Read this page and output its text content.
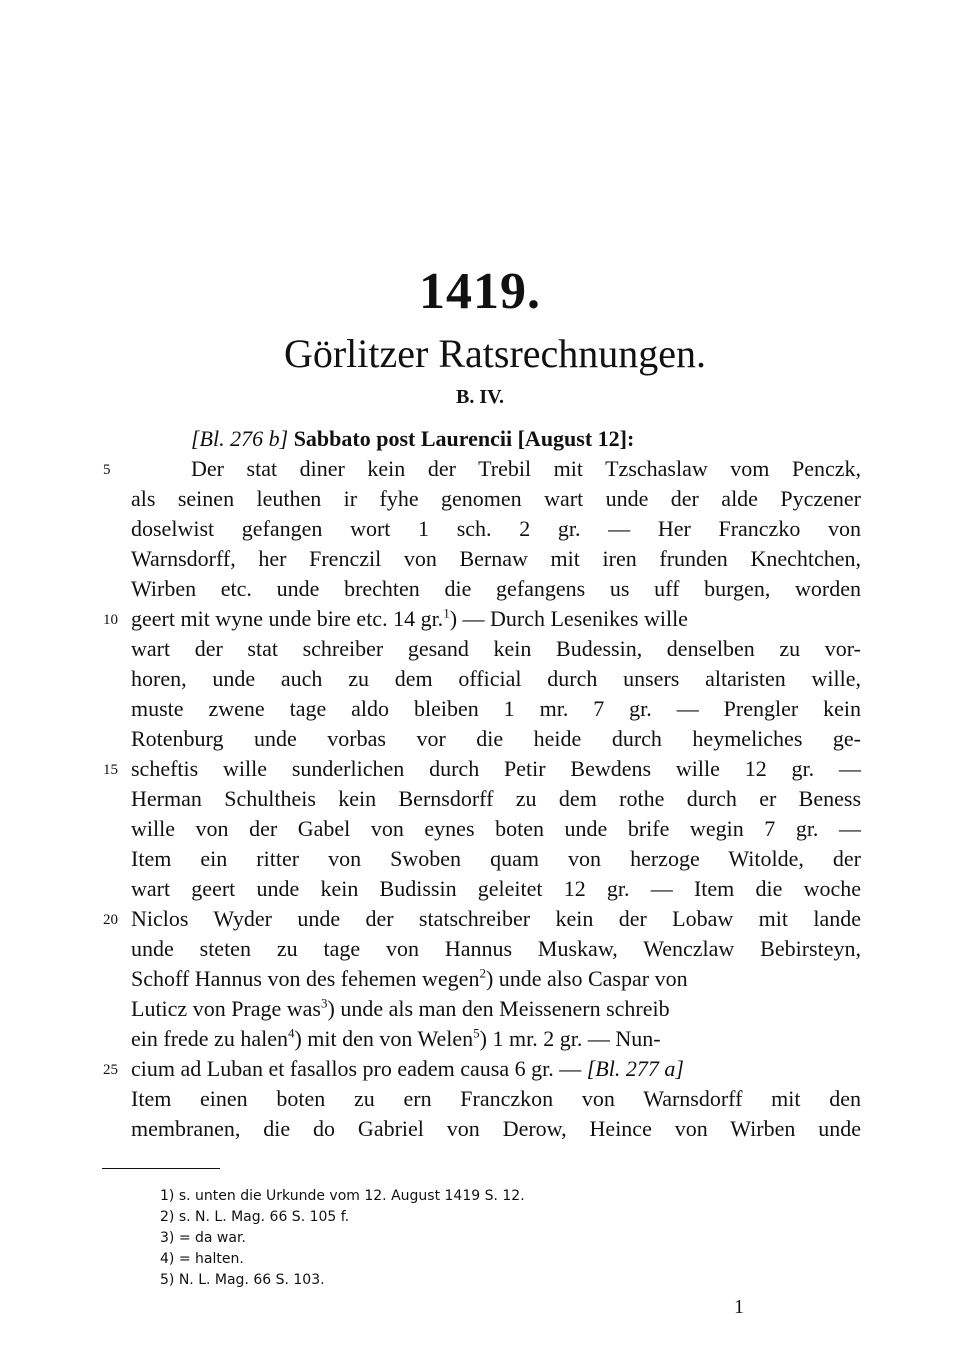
1419.
Görlitzer Ratsrechnungen.
B. IV.
[Bl. 276 b] Sabbato post Laurencii [August 12]:
5	Der stat diner kein der Trebil mit Tzschaslaw vom Penczk,
als seinen leuthen ir fyhe genomen wart unde der alde Pyczener
doselwist gefangen wort 1 sch. 2 gr. — Her Franczko von
Warnsdorff, her Frenczil von Bernaw mit iren frunden Knechtchen,
Wirben etc. unde brechten die gefangens us uff burgen, worden
10 geert mit wyne unde bire etc. 14 gr.$^1$) — Durch Lesenikes wille
wart der stat schreiber gesand kein Budessin, denselben zu vor-
horen, unde auch zu dem official durch unsers altaristen wille,
muste zwene tage aldo bleiben 1 mr. 7 gr. — Prengler kein
Rotenburg unde vorbas vor die heide durch heymeliches ge-
15 scheftis wille sunderlichen durch Petir Bewdens wille 12 gr. —
Herman Schultheis kein Bernsdorff zu dem rothe durch er Beness
wille von der Gabel von eynes boten unde brife wegin 7 gr. —
Item ein ritter von Swoben quam von herzoge Witolde, der
wart geert unde kein Budissin geleitet 12 gr. — Item die woche
20 Niclos Wyder unde der statschreiber kein der Lobaw mit lande
unde steten zu tage von Hannus Muskaw, Wenczlaw Bebirsteyn,
Schoff Hannus von des fehemen wegen$^2$) unde also Caspar von
Luticz von Prage was$^3$) unde als man den Meissenern schreib
ein frede zu halen$^4$) mit den von Welen$^5$) 1 mr. 2 gr. — Nun-
25 cium ad Luban et fasallos pro eadem causa 6 gr. — [Bl. 277 a]
Item einen boten zu ern Franczkon von Warnsdorff mit den
membranen, die do Gabriel von Derow, Heince von Wirben unde
1) s. unten die Urkunde vom 12. August 1419 S. 12.
2) s. N. L. Mag. 66 S. 105 f.
3) = da war.
4) = halten.
5) N. L. Mag. 66 S. 103.
1
